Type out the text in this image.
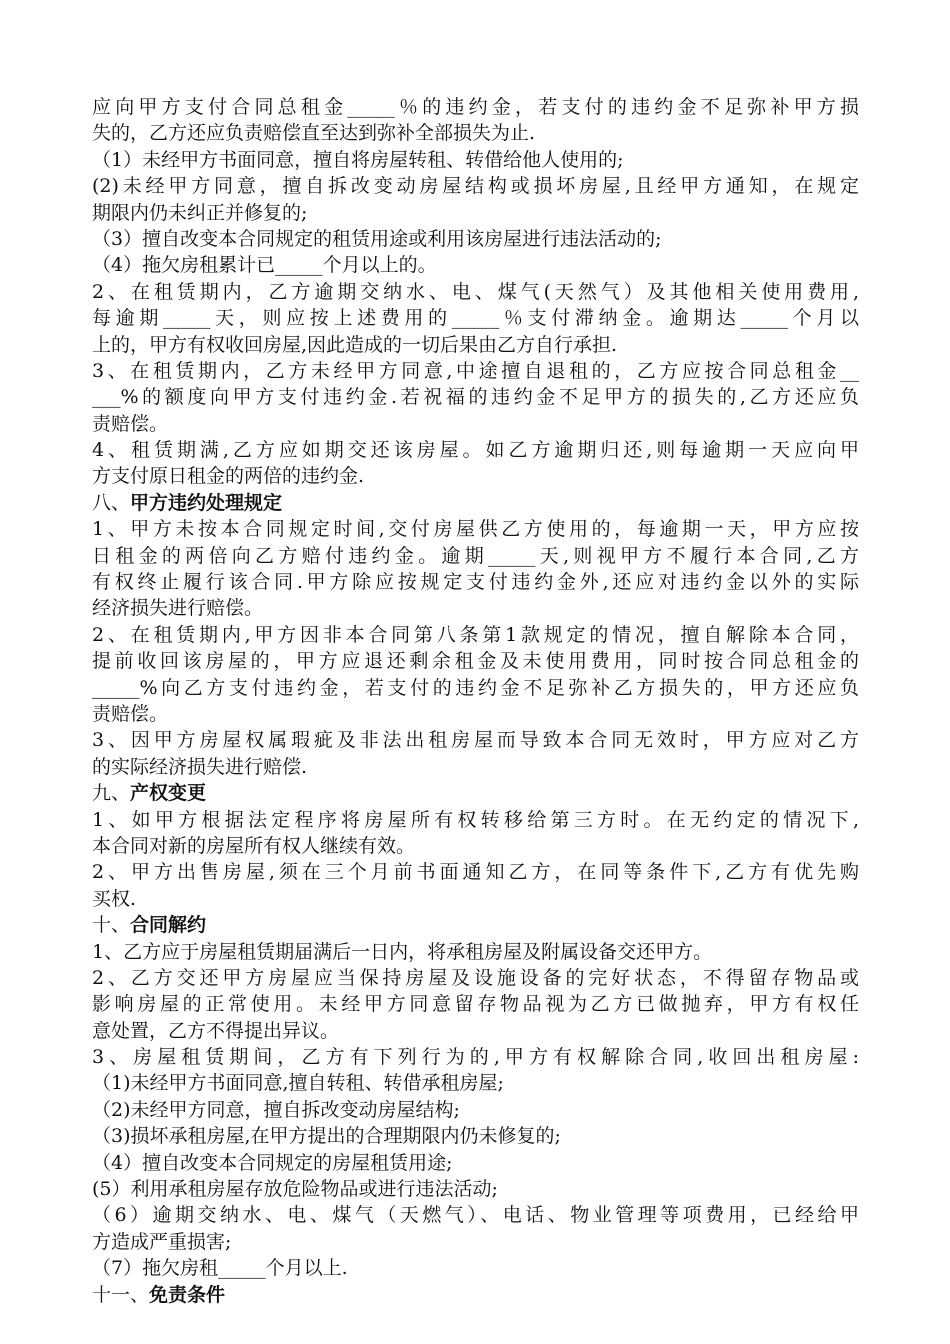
应向甲方支付合同总租金_____％的违约金，若支付的违约金不足弥补甲方损

失的，乙方还应负责赔偿直至达到弥补全部损失为止.

（1）未经甲方书面同意，擅自将房屋转租、转借给他人使用的;

(2)未经甲方同意，擅自拆改变动房屋结构或损坏房屋,且经甲方通知，在规定

期限内仍未纠正并修复的;

（3）擅自改变本合同规定的租赁用途或利用该房屋进行违法活动的;

（4）拖欠房租累计已_____个月以上的。

2、在租赁期内，乙方逾期交纳水、电、煤气(天然气）及其他相关使用费用,

每逾期_____天，则应按上述费用的_____％支付滞纳金。逾期达_____个月以

上的，甲方有权收回房屋,因此造成的一切后果由乙方自行承担.

3、在租赁期内，乙方未经甲方同意,中途擅自退租的，乙方应按合同总租金__

___%的额度向甲方支付违约金.若祝福的违约金不足甲方的损失的,乙方还应负

责赔偿。

4、租赁期满,乙方应如期交还该房屋。如乙方逾期归还,则每逾期一天应向甲

方支付原日租金的两倍的违约金.

八、甲方违约处理规定

1、甲方未按本合同规定时间,交付房屋供乙方使用的，每逾期一天，甲方应按

日租金的两倍向乙方赔付违约金。逾期_____天,则视甲方不履行本合同,乙方

有权终止履行该合同.甲方除应按规定支付违约金外,还应对违约金以外的实际

经济损失进行赔偿。

2、在租赁期内,甲方因非本合同第八条第1款规定的情况，擅自解除本合同，

提前收回该房屋的，甲方应退还剩余租金及未使用费用，同时按合同总租金的

_____%向乙方支付违约金，若支付的违约金不足弥补乙方损失的，甲方还应负

责赔偿。

3、因甲方房屋权属瑕疵及非法出租房屋而导致本合同无效时，甲方应对乙方

的实际经济损失进行赔偿.

九、产权变更

1、如甲方根据法定程序将房屋所有权转移给第三方时。在无约定的情况下,

本合同对新的房屋所有权人继续有效。

2、甲方出售房屋,须在三个月前书面通知乙方，在同等条件下,乙方有优先购

买权.

十、合同解约

1、乙方应于房屋租赁期届满后一日内，将承租房屋及附属设备交还甲方。

2、乙方交还甲方房屋应当保持房屋及设施设备的完好状态，不得留存物品或

影响房屋的正常使用。未经甲方同意留存物品视为乙方已做抛弃，甲方有权任

意处置，乙方不得提出异议。

3、房屋租赁期间，乙方有下列行为的,甲方有权解除合同,收回出租房屋:

（1)未经甲方书面同意,擅自转租、转借承租房屋;

（2)未经甲方同意，擅自拆改变动房屋结构;

（3)损坏承租房屋,在甲方提出的合理期限内仍未修复的;

（4）擅自改变本合同规定的房屋租赁用途;

(5）利用承租房屋存放危险物品或进行违法活动;

（6）逾期交纳水、电、煤气（天燃气）、电话、物业管理等项费用，已经给甲

方造成严重损害;

（7）拖欠房租_____个月以上.

十一、免责条件
